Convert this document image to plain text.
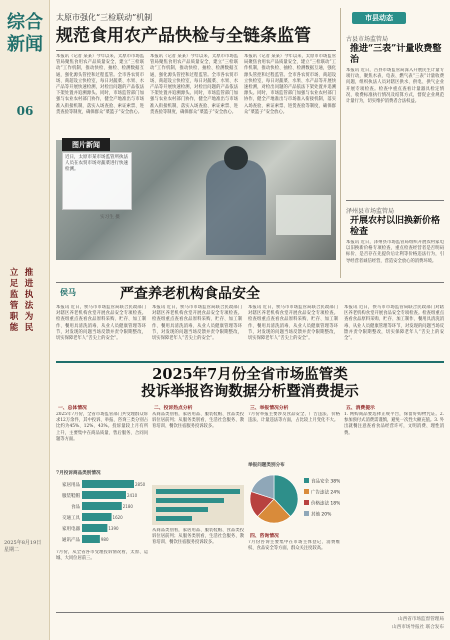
综合新闻
06
立足监管职能 推进执法为民
2025年8月19日 星期二
太原市强化“三检联动”机制
规范食用农产品快检与全链条监管
本报讯（记者 某某）今年以来，太原市市场监管局聚焦食用农产品质量安全，建立“三检联动”工作机制，推动快检、抽检、检测数据互通，强化源头管控和过程监管。全市各农贸市场、商超设立快检室，每日对蔬菜、水果、水产品等开展快速检测，对检出问题的产品依法下架处置并追溯源头。同时，市场监管部门加强与农业农村部门协作，健全产地准出与市场准入衔接机制，落实入场查验、索证索票、进货查验等制度，确保群众“菜篮子”安全放心。
本报讯（记者 某某）今年以来，太原市市场监管局聚焦食用农产品质量安全，建立“三检联动”工作机制，推动快检、抽检、检测数据互通，强化源头管控和过程监管。全市各农贸市场、商超设立快检室，每日对蔬菜、水果、水产品等开展快速检测，对检出问题的产品依法下架处置并追溯源头。同时，市场监管部门加强与农业农村部门协作，健全产地准出与市场准入衔接机制，落实入场查验、索证索票、进货查验等制度，确保群众“菜篮子”安全放心。
本报讯（记者 某某）今年以来，太原市市场监管局聚焦食用农产品质量安全，建立“三检联动”工作机制，推动快检、抽检、检测数据互通，强化源头管控和过程监管。全市各农贸市场、商超设立快检室，每日对蔬菜、水果、水产品等开展快速检测，对检出问题的产品依法下架处置并追溯源头。同时，市场监管部门加强与农业农村部门协作，健全产地准出与市场准入衔接机制，落实入场查验、索证索票、进货查验等制度，确保群众“菜篮子”安全放心。
近日，太原市某市场监管所执法人员在农贸市场对蔬菜进行快速检测。
图片新闻
实习生 摄
市县动态
古县市场监管局
推进“三表”计量收费整治
本报讯 近日，古县市场监管局深入开展民生计量专项行动，聚焦水表、电表、燃气表“三表”计量收费问题，组织执法人员对辖区供水、供电、供气企业开展专项检查。检查中重点查看计量器具检定情况、收费标准执行情况及结算方式，督促企业规范计量行为，切实维护消费者合法权益。
泽州县市场监管局
开展农村以旧换新价格检查
本报讯 近日，泽州县市场监管局组织开展农村家电以旧换新价格专项检查，重点检查经营者是否明码标价、是否存在先提价后让利等价格违法行为，引导经营者诚信经营，营造安全放心的消费环境。
侯马	严查养老机构食品安全
本报讯 近日，侯马市市场监管局联合民政部门对辖区养老机构食堂开展食品安全专项检查。检查组重点查看食品原料采购、贮存、加工制作、餐用具清洗消毒、从业人员健康管理等环节，对发现的问题当场反馈并责令限期整改，切实保障老年人“舌尖上的安全”。
本报讯 近日，侯马市市场监管局联合民政部门对辖区养老机构食堂开展食品安全专项检查。检查组重点查看食品原料采购、贮存、加工制作、餐用具清洗消毒、从业人员健康管理等环节，对发现的问题当场反馈并责令限期整改，切实保障老年人“舌尖上的安全”。
本报讯 近日，侯马市市场监管局联合民政部门对辖区养老机构食堂开展食品安全专项检查。检查组重点查看食品原料采购、贮存、加工制作、餐用具清洗消毒、从业人员健康管理等环节，对发现的问题当场反馈并责令限期整改，切实保障老年人“舌尖上的安全”。
本报讯 近日，侯马市市场监管局联合民政部门对辖区养老机构食堂开展食品安全专项检查。检查组重点查看食品原料采购、贮存、加工制作、餐用具清洗消毒、从业人员健康管理等环节，对发现的问题当场反馈并责令限期整改，切实保障老年人“舌尖上的安全”。
2025年7月份全省市场监管类
投诉举报咨询数据分析暨消费提示
一、总体情况
2025年7月份，全省市场监管部门共受理群众诉求12万余件，其中投诉、举报、咨询三类分别占比约为45%、12%、43%。投诉量较上月有所上升，主要集中在商品质量、售后服务、合同问题等方面。
7月投诉商品类别情况
家居用品	2850
服装鞋帽	2410
食品	2180
交通工具	1620
家用电器	1390
通讯产品	980
7月份，从全省各市受理投诉情况看，太原、运城、大同位居前三。
二、投诉热点分析
从商品类别看，家居用品、服装鞋帽、食品类投诉位居前列；从服务类别看，生活社会服务、教育培训、餐饮住宿服务投诉较多。
从商品类别看，家居用品、服装鞋帽、食品类投诉位居前列；从服务类别看，生活社会服务、教育培训、餐饮住宿服务投诉较多。
三、举报情况分析
7月份举报主要涉及食品安全、广告违法、价格违法、计量违法等方面，占比较上月变化不大。
举报问题类别分布
食品安全 38%
广告违法 24%
价格违法 18%
其他 20%
四、咨询情况
7月份咨询主要集中在市场主体登记、消费维权、食品安全等方面，群众关注度较高。
五、消费提示
1. 网购商品要选择正规平台，保留好购物凭证。2. 参加预付式消费需谨慎，避免一次性大额充值。3. 外出就餐注意查看食品经营许可，文明消费、理性消费。
山西省市场监督管理局
山西市场导报社 联合发布
